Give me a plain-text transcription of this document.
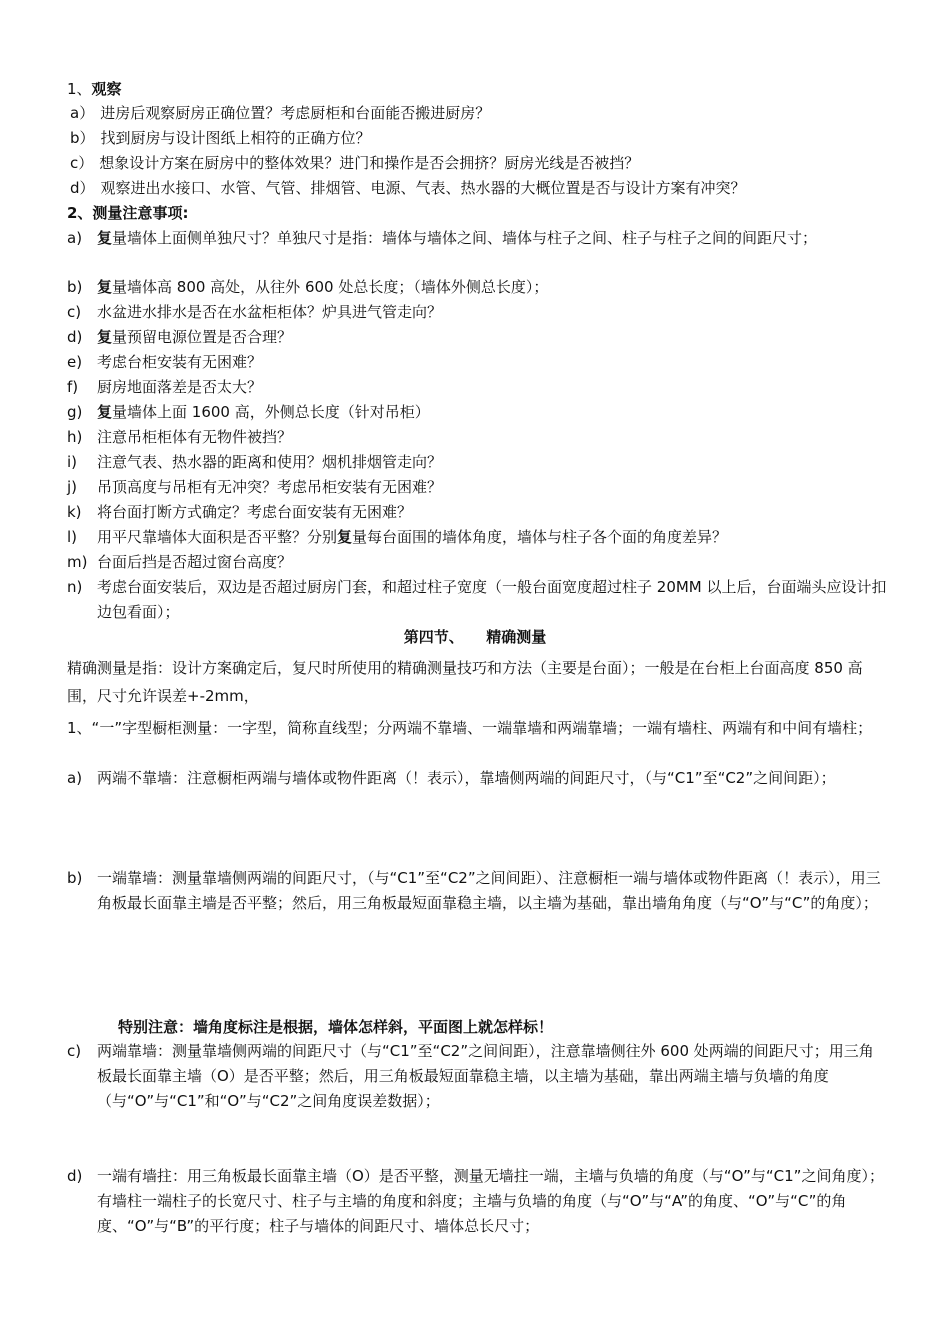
1、观察
a） 进房后观察厨房正确位置？考虑厨柜和台面能否搬进厨房？
b） 找到厨房与设计图纸上相符的正确方位？
c） 想象设计方案在厨房中的整体效果？进门和操作是否会拥挤？厨房光线是否被挡？
d） 观察进出水接口、水管、气管、排烟管、电源、气表、热水器的大概位置是否与设计方案有冲突？
2、测量注意事项:
a) 复量墙体上面侧单独尺寸？单独尺寸是指：墙体与墙体之间、墙体与柱子之间、柱子与柱子之间的间距尺寸；
b) 复量墙体高 800 高处，从往外 600 处总长度；（墙体外侧总长度）；
c) 水盆进水排水是否在水盆柜柜体？炉具进气管走向？
d) 复量预留电源位置是否合理？
e) 考虑台柜安装有无困难？
f) 厨房地面落差是否太大？
g) 复量墙体上面 1600 高，外侧总长度（针对吊柜）
h) 注意吊柜柜体有无物件被挡？
i) 注意气表、热水器的距离和使用？烟机排烟管走向？
j) 吊顶高度与吊柜有无冲突？考虑吊柜安装有无困难？
k) 将台面打断方式确定？考虑台面安装有无困难？
l) 用平尺靠墙体大面积是否平整？分别复量每台面围的墙体角度，墙体与柱子各个面的角度差异？
m) 台面后挡是否超过窗台高度？
n) 考虑台面安装后，双边是否超过厨房门套，和超过柱子宽度（一般台面宽度超过柱子 20MM 以上后，台面端头应设计扣边包看面）；
第四节、　　精确测量
精确测量是指：设计方案确定后，复尺时所使用的精确测量技巧和方法（主要是台面）；一般是在台柜上台面高度 850 高围，尺寸允许误差+-2mm，
1、“一”字型橱柜测量：一字型，简称直线型；分两端不靠墙、一端靠墙和两端靠墙；一端有墙柱、两端有和中间有墙柱；
a) 两端不靠墙：注意橱柜两端与墙体或物件距离（！表示），靠墙侧两端的间距尺寸，（与“C1”至“C2”之间间距）；
b) 一端靠墙：测量靠墙侧两端的间距尺寸，（与“C1”至“C2”之间间距）、注意橱柜一端与墙体或物件距离（！表示），用三角板最长面靠主墙是否平整；然后，用三角板最短面靠稳主墙，以主墙为基础，靠出墙角角度（与“O”与“C”的角度）；
特别注意：墙角度标注是根据，墙体怎样斜，平面图上就怎样标！
c) 两端靠墙：测量靠墙侧两端的间距尺寸（与“C1”至“C2”之间间距），注意靠墙侧往外 600 处两端的间距尺寸；用三角板最长面靠主墙（O）是否平整；然后，用三角板最短面靠稳主墙，以主墙为基础，靠出两端主墙与负墙的角度（与“O”与“C1”和“O”与“C2”之间角度误差数据）；
d) 一端有墙拄：用三角板最长面靠主墙（O）是否平整，测量无墙拄一端，主墙与负墙的角度（与“O”与“C1”之间角度）；有墙柱一端柱子的长宽尺寸、柱子与主墙的角度和斜度；主墙与负墙的角度（与“O”与“A”的角度、“O”与“C”的角度、“O”与“B”的平行度；柱子与墙体的间距尺寸、墙体总长尺寸；
